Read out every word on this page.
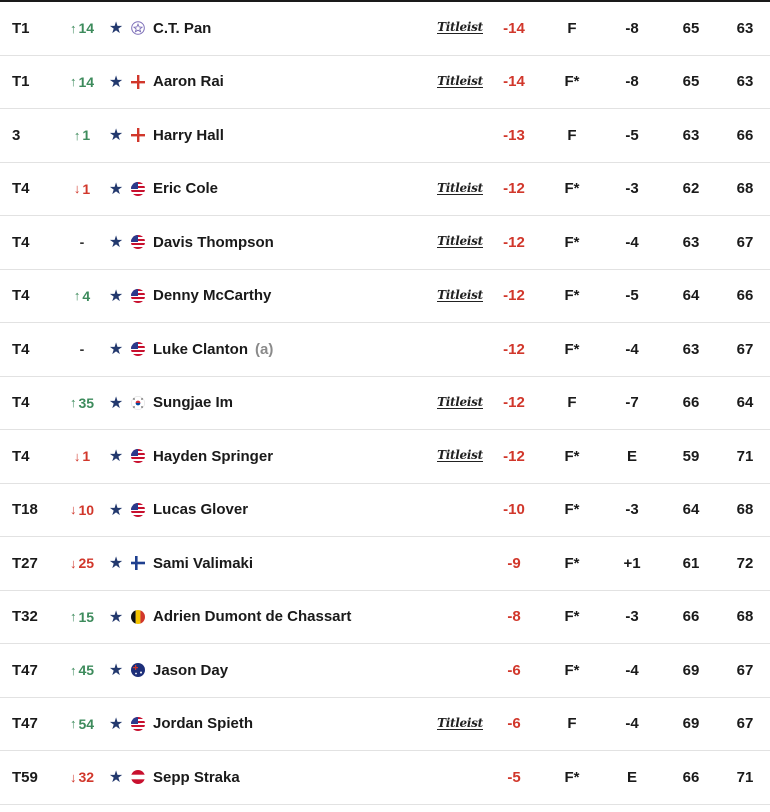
T1	↑ 14 ★ C.T. Pan	Titleist	-14	F	-8	65	63
T1	↑ 14 ★ Aaron Rai	Titleist	-14	F*	-8	65	63
3	↑ 1 ★ Harry Hall	-13	F	-5	63	66
T4	↓ 1 ★ Eric Cole	Titleist	-12	F*	-3	62	68
T4	- ★ Davis Thompson	Titleist	-12	F*	-4	63	67
T4	↑ 4 ★ Denny McCarthy	Titleist	-12	F*	-5	64	66
T4	- ★ Luke Clanton (a)	-12	F*	-4	63	67
T4	↑ 35 ★ Sungjae Im	Titleist	-12	F	-7	66	64
T4	↓ 1 ★ Hayden Springer	Titleist	-12	F*	E	59	71
T18	↓ 10 ★ Lucas Glover	-10	F*	-3	64	68
T27	↓ 25 ★ Sami Valimaki	-9	F*	+1	61	72
T32	↑ 15 ★ Adrien Dumont de Chassart	-8	F*	-3	66	68
T47	↑ 45 ★ Jason Day	-6	F*	-4	69	67
T47	↑ 54 ★ Jordan Spieth	Titleist	-6	F	-4	69	67
T59	↓ 32 ★ Sepp Straka	-5	F*	E	66	71
